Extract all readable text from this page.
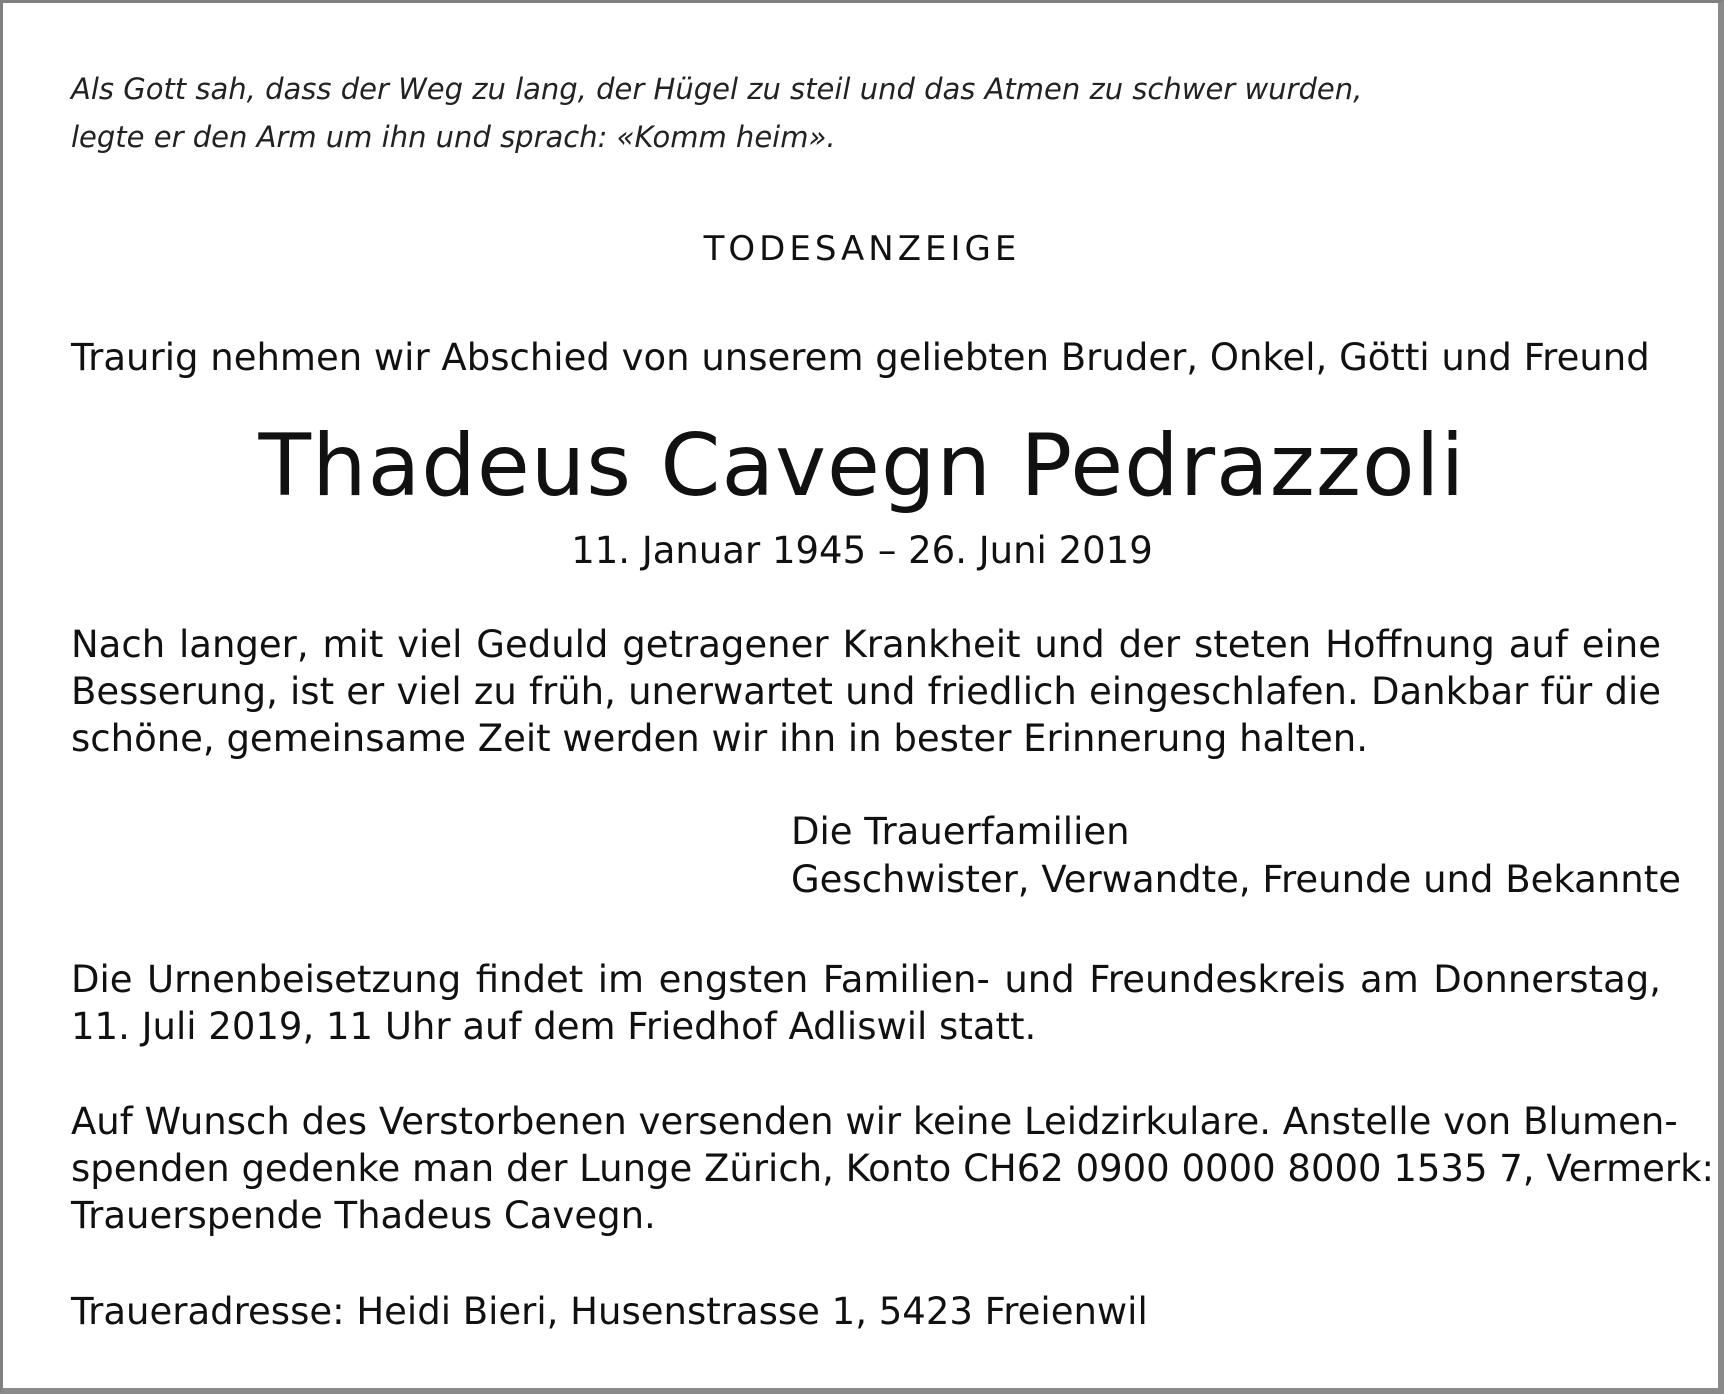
Als Gott sah, dass der Weg zu lang, der Hügel zu steil und das Atmen zu schwer wurden,
legte er den Arm um ihn und sprach: «Komm heim».

TODESANZEIGE

Traurig nehmen wir Abschied von unserem geliebten Bruder, Onkel, Götti und Freund

Thadeus Cavegn Pedrazzoli

11. Januar 1945 – 26. Juni 2019

Nach langer, mit viel Geduld getragener Krankheit und der steten Hoffnung auf eine
Besserung, ist er viel zu früh, unerwartet und friedlich eingeschlafen. Dankbar für die
schöne, gemeinsame Zeit werden wir ihn in bester Erinnerung halten.

Die Trauerfamilien
Geschwister, Verwandte, Freunde und Bekannte

Die Urnenbeisetzung findet im engsten Familien- und Freundeskreis am Donnerstag,
11. Juli 2019, 11 Uhr auf dem Friedhof Adliswil statt.

Auf Wunsch des Verstorbenen versenden wir keine Leidzirkulare. Anstelle von Blumen-
spenden gedenke man der Lunge Zürich, Konto CH62 0900 0000 8000 1535 7, Vermerk:
Trauerspende Thadeus Cavegn.

Traueradresse: Heidi Bieri, Husenstrasse 1, 5423 Freienwil
